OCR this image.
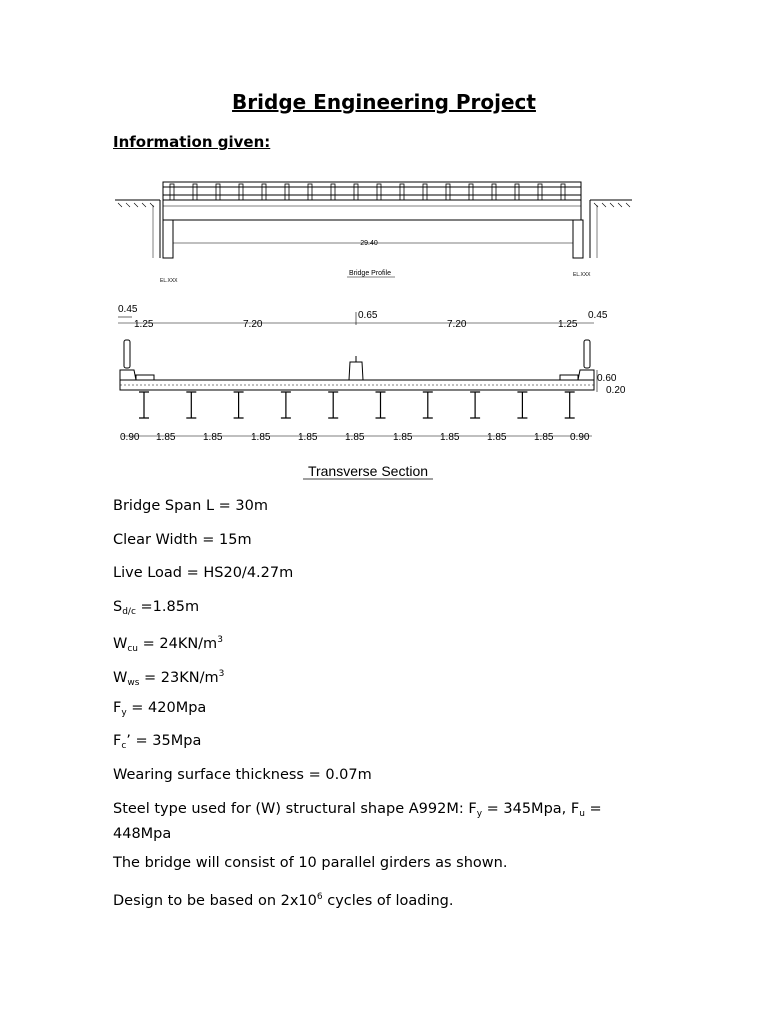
Bridge Engineering Project
Information given:
29.40
Bridge Profile
EL.XXX
EL.XXX
0.45
1.25	7.20
0.65
7.20	1.25
0.45
0.60
0.20
0.90 1.85	1.85	1.85	1.85	1.85	1.85	1.85	1.85	1.85 0.90
Transverse Section
Bridge Span L = 30m
Clear Width = 15m
Live Load = HS20/4.27m
$S_{d/c} =1.85m$
$W_{cu} = 24KN/m^3$
$W_{ws} = 23KN/m^3$
$F_y = 420Mpa$
$F_c$’ = 35Mpa
Wearing surface thickness = 0.07m
Steel type used for (W) structural shape A992M: $F_y = 345Mpa$, $F_u = 448Mpa$
The bridge will consist of 10 parallel girders as shown.
Design to be based on $2x10^6$ cycles of loading.
